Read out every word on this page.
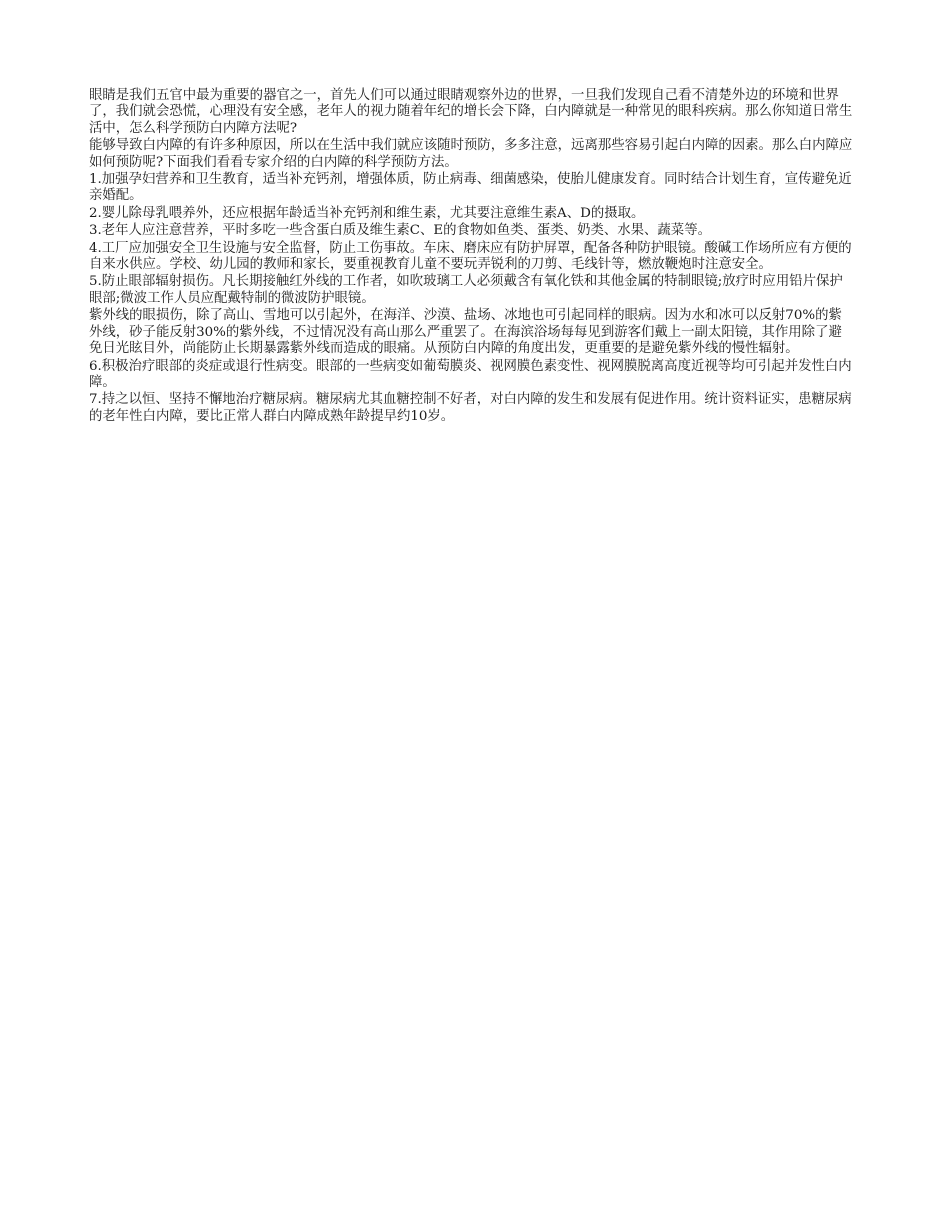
眼睛是我们五官中最为重要的器官之一，首先人们可以通过眼睛观察外边的世界，一旦我们发现自己看不清楚外边的环境和世界了，我们就会恐慌，心理没有安全感，老年人的视力随着年纪的增长会下降，白内障就是一种常见的眼科疾病。那么你知道日常生活中，怎么科学预防白内障方法呢?

能够导致白内障的有许多种原因，所以在生活中我们就应该随时预防，多多注意，远离那些容易引起白内障的因素。那么白内障应如何预防呢?下面我们看看专家介绍的白内障的科学预防方法。

1.加强孕妇营养和卫生教育，适当补充钙剂，增强体质，防止病毒、细菌感染，使胎儿健康发育。同时结合计划生育，宣传避免近亲婚配。

2.婴儿除母乳喂养外，还应根据年龄适当补充钙剂和维生素，尤其要注意维生素A、D的摄取。

3.老年人应注意营养，平时多吃一些含蛋白质及维生素C、E的食物如鱼类、蛋类、奶类、水果、蔬菜等。

4.工厂应加强安全卫生设施与安全监督，防止工伤事故。车床、磨床应有防护屏罩，配备各种防护眼镜。酸碱工作场所应有方便的自来水供应。学校、幼儿园的教师和家长，要重视教育儿童不要玩弄锐利的刀剪、毛线针等，燃放鞭炮时注意安全。

5.防止眼部辐射损伤。凡长期接触红外线的工作者，如吹玻璃工人必须戴含有氧化铁和其他金属的特制眼镜;放疗时应用铅片保护眼部;微波工作人员应配戴特制的微波防护眼镜。

紫外线的眼损伤，除了高山、雪地可以引起外，在海洋、沙漠、盐场、冰地也可引起同样的眼病。因为水和冰可以反射70%的紫外线，砂子能反射30%的紫外线，不过情况没有高山那么严重罢了。在海滨浴场每每见到游客们戴上一副太阳镜，其作用除了避免日光眩目外，尚能防止长期暴露紫外线而造成的眼痛。从预防白内障的角度出发，更重要的是避免紫外线的慢性辐射。

6.积极治疗眼部的炎症或退行性病变。眼部的一些病变如葡萄膜炎、视网膜色素变性、视网膜脱离高度近视等均可引起并发性白内障。

7.持之以恒、坚持不懈地治疗糖尿病。糖尿病尤其血糖控制不好者，对白内障的发生和发展有促进作用。统计资料证实，患糖尿病的老年性白内障，要比正常人群白内障成熟年龄提早约10岁。
